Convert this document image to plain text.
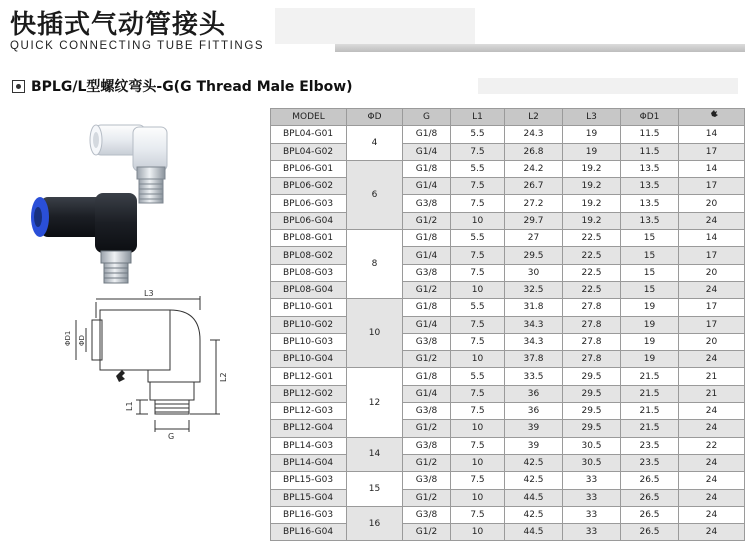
快插式气动管接头
QUICK CONNECTING TUBE FITTINGS
BPLG/L型螺纹弯头-G(G Thread Male Elbow)
L3
ΦD1 ΦD
L2
L1
G
MODEL	ΦD	G	L1	L2	L3	ΦD1	
BPL04-G01	4	G1/8	5.5	24.3	19	11.5	14
BPL04-G02		G1/4	7.5	26.8	19	11.5	17
BPL06-G01	6	G1/8	5.5	24.2	19.2	13.5	14
BPL06-G02		G1/4	7.5	26.7	19.2	13.5	17
BPL06-G03		G3/8	7.5	27.2	19.2	13.5	20
BPL06-G04		G1/2	10	29.7	19.2	13.5	24
BPL08-G01	8	G1/8	5.5	27	22.5	15	14
BPL08-G02		G1/4	7.5	29.5	22.5	15	17
BPL08-G03		G3/8	7.5	30	22.5	15	20
BPL08-G04		G1/2	10	32.5	22.5	15	24
BPL10-G01	10	G1/8	5.5	31.8	27.8	19	17
BPL10-G02		G1/4	7.5	34.3	27.8	19	17
BPL10-G03		G3/8	7.5	34.3	27.8	19	20
BPL10-G04		G1/2	10	37.8	27.8	19	24
BPL12-G01	12	G1/8	5.5	33.5	29.5	21.5	21
BPL12-G02		G1/4	7.5	36	29.5	21.5	21
BPL12-G03		G3/8	7.5	36	29.5	21.5	24
BPL12-G04		G1/2	10	39	29.5	21.5	24
BPL14-G03	14	G3/8	7.5	39	30.5	23.5	22
BPL14-G04		G1/2	10	42.5	30.5	23.5	24
BPL15-G03	15	G3/8	7.5	42.5	33	26.5	24
BPL15-G04		G1/2	10	44.5	33	26.5	24
BPL16-G03	16	G3/8	7.5	42.5	33	26.5	24
BPL16-G04		G1/2	10	44.5	33	26.5	24
